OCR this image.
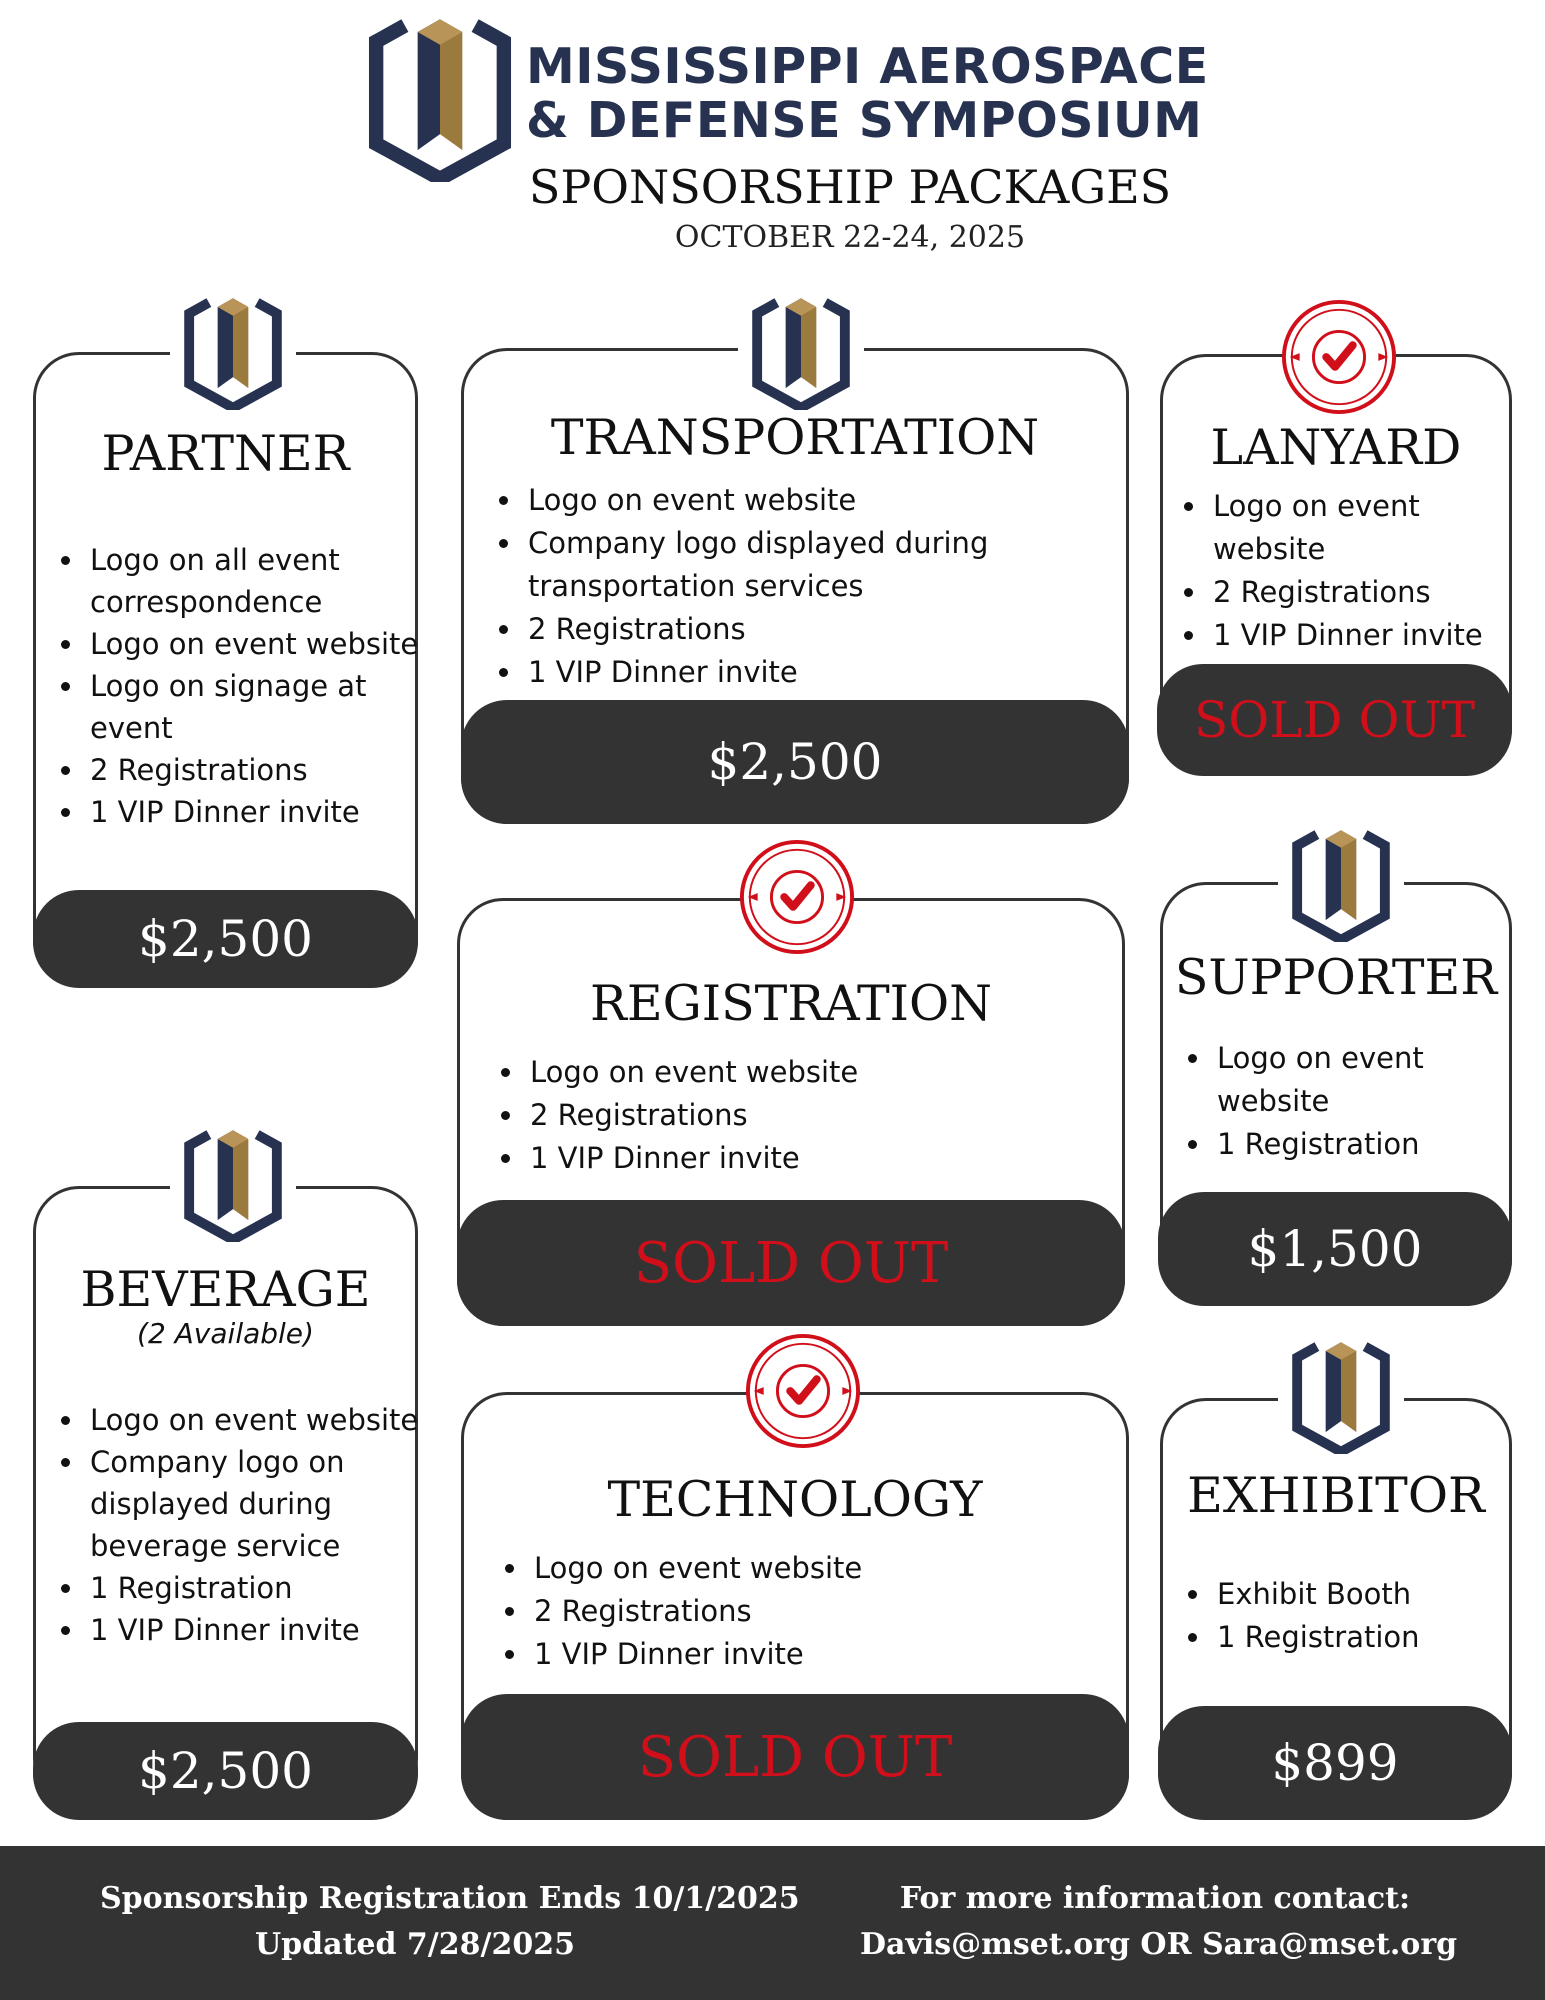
MISSISSIPPI AEROSPACE
& DEFENSE SYMPOSIUM
SPONSORSHIP PACKAGES
OCTOBER 22-24, 2025
PARTNER
• Logo on all event correspondence
• Logo on event website
• Logo on signage at event
• 2 Registrations
• 1 VIP Dinner invite
$2,500
TRANSPORTATION
• Logo on event website
• Company logo displayed during transportation services
• 2 Registrations
• 1 VIP Dinner invite
$2,500
LANYARD
• Logo on event website
• 2 Registrations
• 1 VIP Dinner invite
SOLD OUT
REGISTRATION
• Logo on event website
• 2 Registrations
• 1 VIP Dinner invite
SOLD OUT
SUPPORTER
• Logo on event website
• 1 Registration
$1,500
BEVERAGE
(2 Available)
• Logo on event website
• Company logo on displayed during beverage service
• 1 Registration
• 1 VIP Dinner invite
$2,500
TECHNOLOGY
• Logo on event website
• 2 Registrations
• 1 VIP Dinner invite
SOLD OUT
EXHIBITOR
• Exhibit Booth
• 1 Registration
$899
Sponsorship Registration Ends 10/1/2025
Updated 7/28/2025
For more information contact:
Davis@mset.org OR Sara@mset.org
